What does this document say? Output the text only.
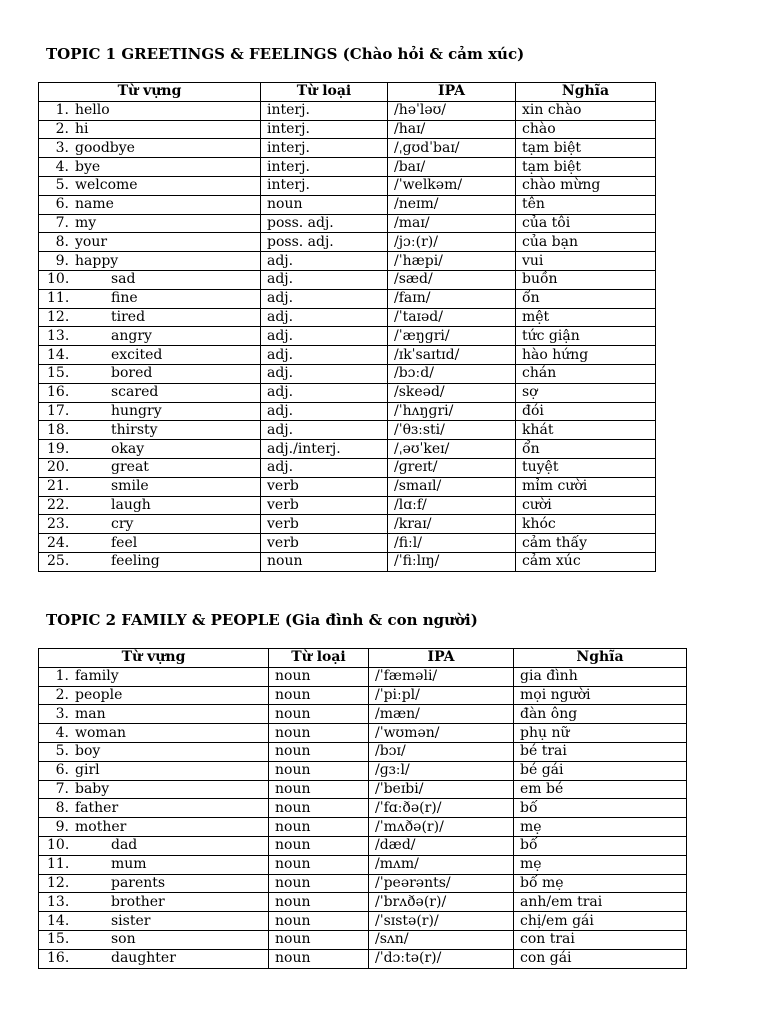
TOPIC 1 GREETINGS & FEELINGS (Chào hỏi & cảm xúc)
Từ vựng	Từ loại	IPA	Nghĩa
1. hello	interj.	/həˈləʊ/	xin chào
2. hi	interj.	/haɪ/	chào
3. goodbye	interj.	/ˌɡʊdˈbaɪ/	tạm biệt
4. bye	interj.	/baɪ/	tạm biệt
5. welcome	interj.	/ˈwelkəm/	chào mừng
6. name	noun	/neɪm/	tên
7. my	poss. adj.	/maɪ/	của tôi
8. your	poss. adj.	/jɔː(r)/	của bạn
9. happy	adj.	/ˈhæpi/	vui
10. sad	adj.	/sæd/	buồn
11. fine	adj.	/faɪn/	ổn
12. tired	adj.	/ˈtaɪəd/	mệt
13. angry	adj.	/ˈæŋɡri/	tức giận
14. excited	adj.	/ɪkˈsaɪtɪd/	hào hứng
15. bored	adj.	/bɔːd/	chán
16. scared	adj.	/skeəd/	sợ
17. hungry	adj.	/ˈhʌŋɡri/	đói
18. thirsty	adj.	/ˈθɜːsti/	khát
19. okay	adj./interj.	/ˌəʊˈkeɪ/	ổn
20. great	adj.	/ɡreɪt/	tuyệt
21. smile	verb	/smaɪl/	mỉm cười
22. laugh	verb	/lɑːf/	cười
23. cry	verb	/kraɪ/	khóc
24. feel	verb	/fiːl/	cảm thấy
25. feeling	noun	/ˈfiːlɪŋ/	cảm xúc
TOPIC 2 FAMILY & PEOPLE (Gia đình & con người)
Từ vựng	Từ loại	IPA	Nghĩa
1. family	noun	/ˈfæməli/	gia đình
2. people	noun	/ˈpiːpl/	mọi người
3. man	noun	/mæn/	đàn ông
4. woman	noun	/ˈwʊmən/	phụ nữ
5. boy	noun	/bɔɪ/	bé trai
6. girl	noun	/ɡɜːl/	bé gái
7. baby	noun	/ˈbeɪbi/	em bé
8. father	noun	/ˈfɑːðə(r)/	bố
9. mother	noun	/ˈmʌðə(r)/	mẹ
10. dad	noun	/dæd/	bố
11. mum	noun	/mʌm/	mẹ
12. parents	noun	/ˈpeərənts/	bố mẹ
13. brother	noun	/ˈbrʌðə(r)/	anh/em trai
14. sister	noun	/ˈsɪstə(r)/	chị/em gái
15. son	noun	/sʌn/	con trai
16. daughter	noun	/ˈdɔːtə(r)/	con gái
